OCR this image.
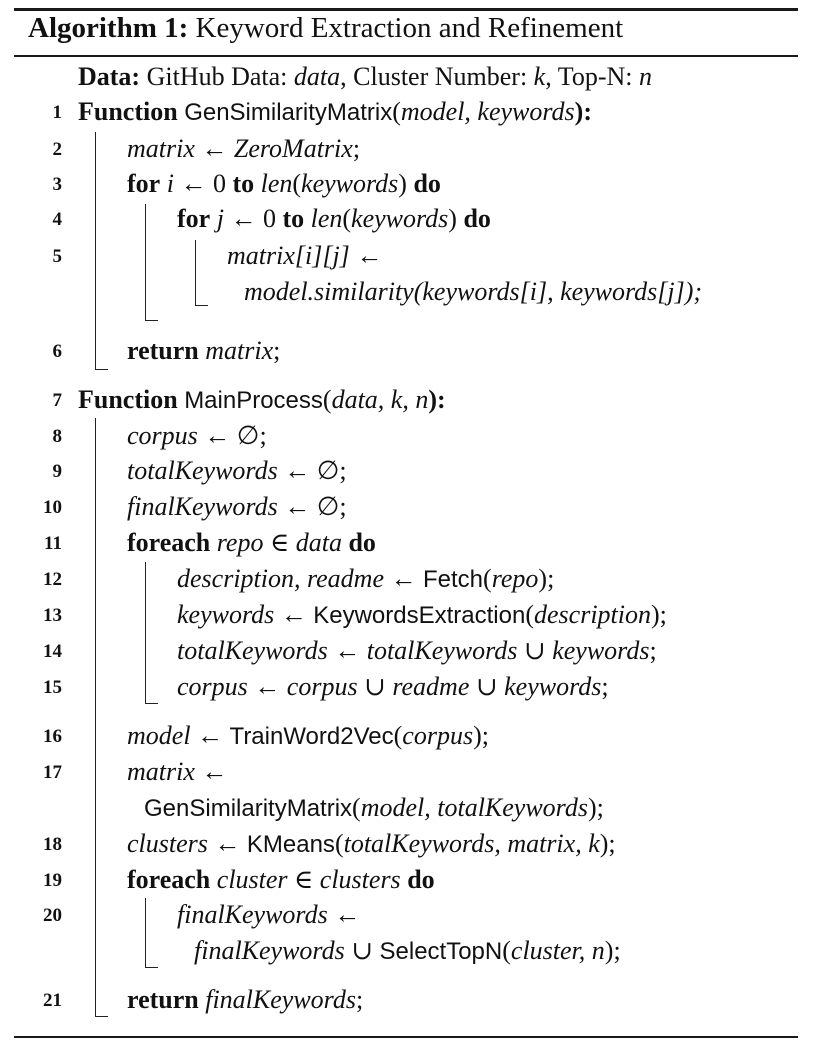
Algorithm 1: Keyword Extraction and Refinement
Data: GitHub Data: data, Cluster Number: k, Top-N: n
1
2
3
4
5
6
7
8
9
10
11
12
13
14
15
16
17
18
19
20
21
Function GenSimilarityMatrix(model, keywords):
matrix ← ZeroMatrix;
for i ← 0 to len(keywords) do
for j ← 0 to len(keywords) do
matrix[i][j] ←
model.similarity(keywords[i], keywords[j]);
return matrix;
Function MainProcess(data, k, n):
corpus ← ∅;
totalKeywords ← ∅;
finalKeywords ← ∅;
foreach repo ∈ data do
description, readme ← Fetch(repo);
keywords ← KeywordsExtraction(description);
totalKeywords ← totalKeywords ∪ keywords;
corpus ← corpus ∪ readme ∪ keywords;
model ← TrainWord2Vec(corpus);
matrix ←
GenSimilarityMatrix(model, totalKeywords);
clusters ← KMeans(totalKeywords, matrix, k);
foreach cluster ∈ clusters do
finalKeywords ←
finalKeywords ∪ SelectTopN(cluster, n);
return finalKeywords;
